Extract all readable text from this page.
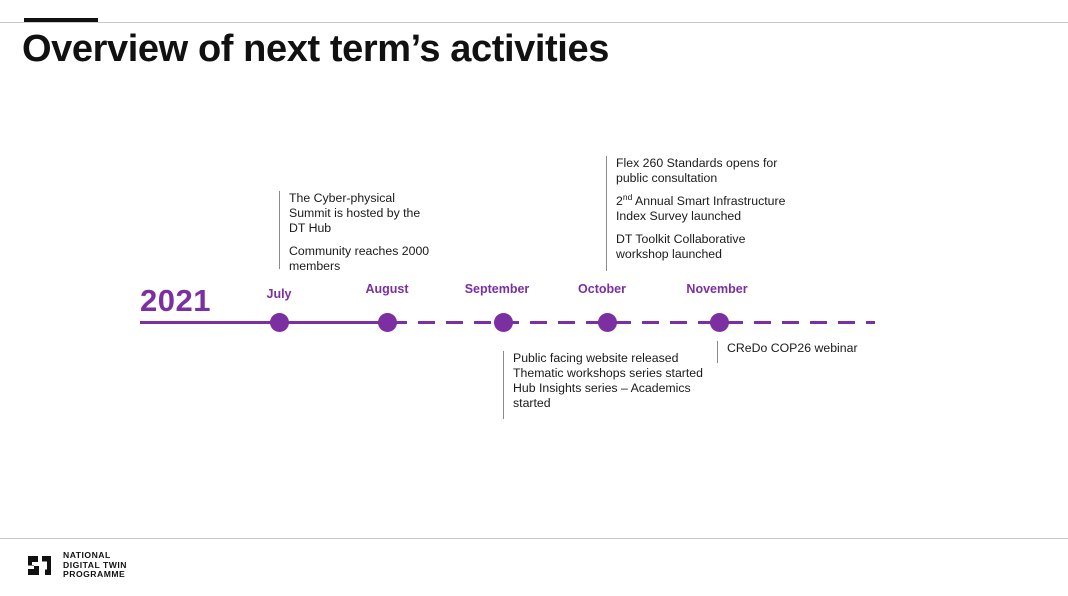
Overview of next term’s activities

The Cyber-physical

Summit is hosted by the

DT Hub

Community reaches 2000

members

Flex 260 Standards opens for

public consultation

2nd Annual Smart Infrastructure

Index Survey launched

DT Toolkit Collaborative

workshop launched

July	August	September	October	November
2021

Public facing website released

Thematic workshops series started

Hub Insights series – Academics

started

CReDo COP26 webinar

NATIONAL
DIGITAL TWIN
PROGRAMME
